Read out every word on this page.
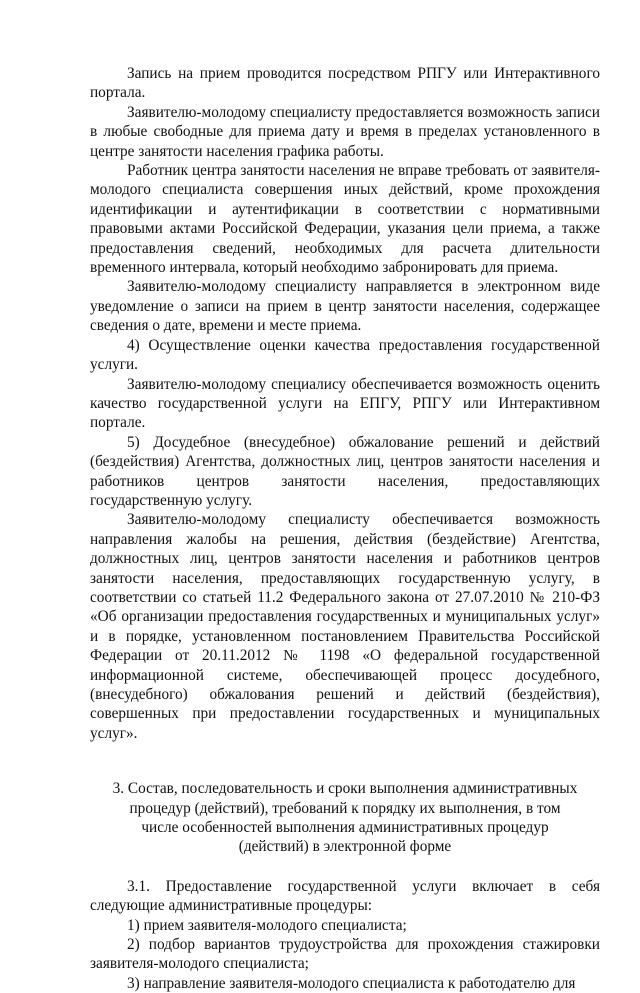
Запись на прием проводится посредством РПГУ или Интерактивного портала.

Заявителю-молодому специалисту предоставляется возможность записи в любые свободные для приема дату и время в пределах установленного в центре занятости населения графика работы.

Работник центра занятости населения не вправе требовать от заявителя-молодого специалиста совершения иных действий, кроме прохождения идентификации и аутентификации в соответствии с нормативными правовыми актами Российской Федерации, указания цели приема, а также предоставления сведений, необходимых для расчета длительности временного интервала, который необходимо забронировать для приема.

Заявителю-молодому специалисту направляется в электронном виде уведомление о записи на прием в центр занятости населения, содержащее сведения о дате, времени и месте приема.

4) Осуществление оценки качества предоставления государственной услуги.

Заявителю-молодому специалису обеспечивается возможность оценить качество государственной услуги на ЕПГУ, РПГУ или Интерактивном портале.

5) Досудебное (внесудебное) обжалование решений и действий (бездействия) Агентства, должностных лиц, центров занятости населения и работников центров занятости населения, предоставляющих государственную услугу.

Заявителю-молодому специалисту обеспечивается возможность направления жалобы на решения, действия (бездействие) Агентства, должностных лиц, центров занятости населения и работников центров занятости населения, предоставляющих государственную услугу, в соответствии со статьей 11.2 Федерального закона от 27.07.2010 № 210-ФЗ «Об организации предоставления государственных и муниципальных услуг» и в порядке, установленном постановлением Правительства Российской Федерации от 20.11.2012 № 1198 «О федеральной государственной информационной системе, обеспечивающей процесс досудебного, (внесудебного) обжалования решений и действий (бездействия), совершенных при предоставлении государственных и муниципальных услуг».

3. Состав, последовательность и сроки выполнения административных процедур (действий), требований к порядку их выполнения, в том числе особенностей выполнения административных процедур (действий) в электронной форме

3.1. Предоставление государственной услуги включает в себя следующие административные процедуры:

1) прием заявителя-молодого специалиста;

2) подбор вариантов трудоустройства для прохождения стажировки заявителя-молодого специалиста;

3) направление заявителя-молодого специалиста к работодателю для
